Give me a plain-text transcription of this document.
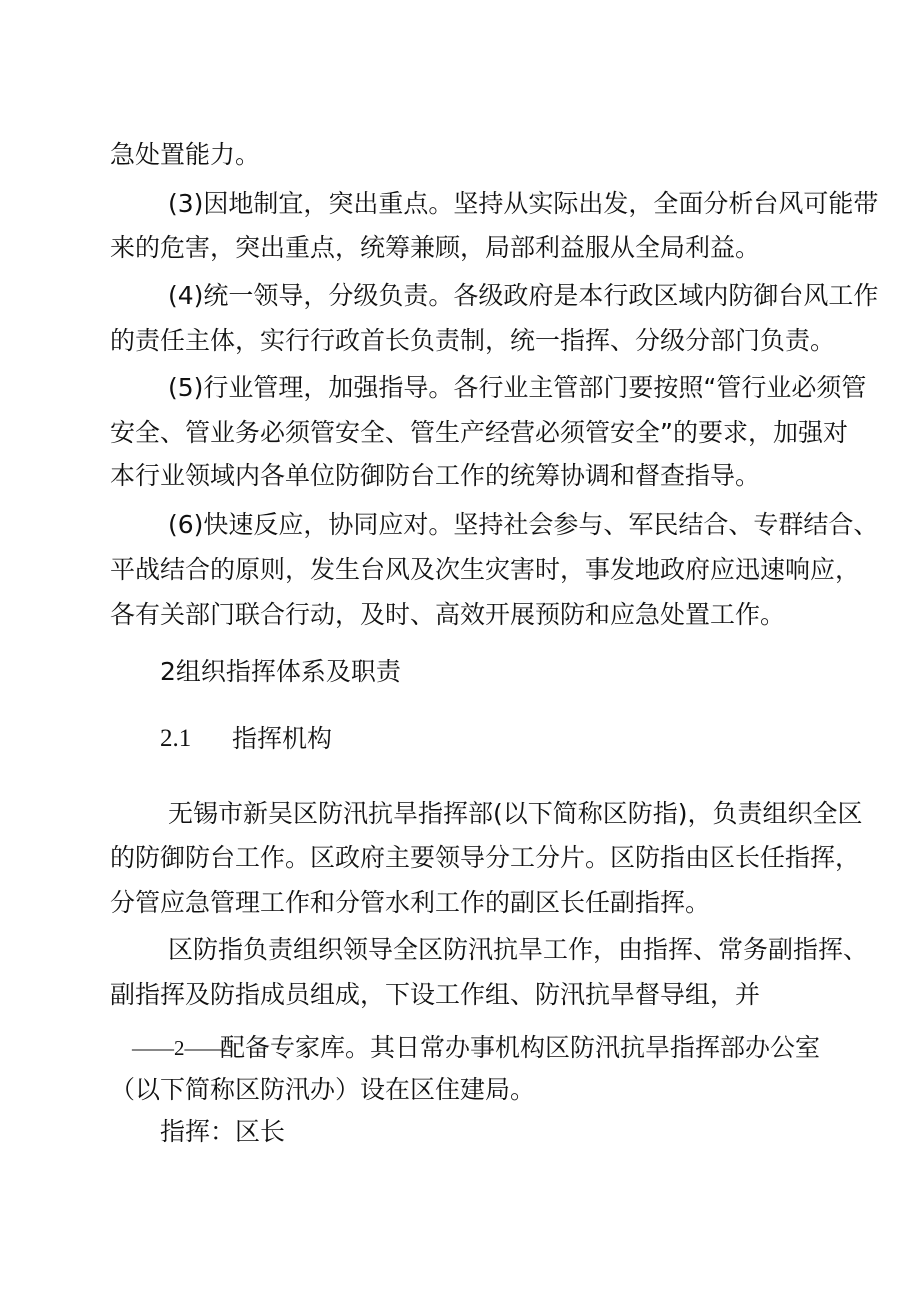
急处置能力。
(3)因地制宜，突出重点。坚持从实际出发，全面分析台风可能带
来的危害，突出重点，统筹兼顾，局部利益服从全局利益。
(4)统一领导，分级负责。各级政府是本行政区域内防御台风工作
的责任主体，实行行政首长负责制，统一指挥、分级分部门负责。
(5)行业管理，加强指导。各行业主管部门要按照“管行业必须管
安全、管业务必须管安全、管生产经营必须管安全”的要求，加强对
本行业领域内各单位防御防台工作的统筹协调和督查指导。
(6)快速反应，协同应对。坚持社会参与、军民结合、专群结合、
平战结合的原则，发生台风及次生灾害时，事发地政府应迅速响应，
各有关部门联合行动，及时、高效开展预防和应急处置工作。
2组织指挥体系及职责
2.1 指挥机构
无锡市新吴区防汛抗旱指挥部(以下简称区防指)，负责组织全区
的防御防台工作。区政府主要领导分工分片。区防指由区长任指挥，
分管应急管理工作和分管水利工作的副区长任副指挥。
区防指负责组织领导全区防汛抗旱工作，由指挥、常务副指挥、
副指挥及防指成员组成，下设工作组、防汛抗旱督导组，并
——2——
配备专家库。其日常办事机构区防汛抗旱指挥部办公室
（以下简称区防汛办）设在区住建局。
指挥：区长
